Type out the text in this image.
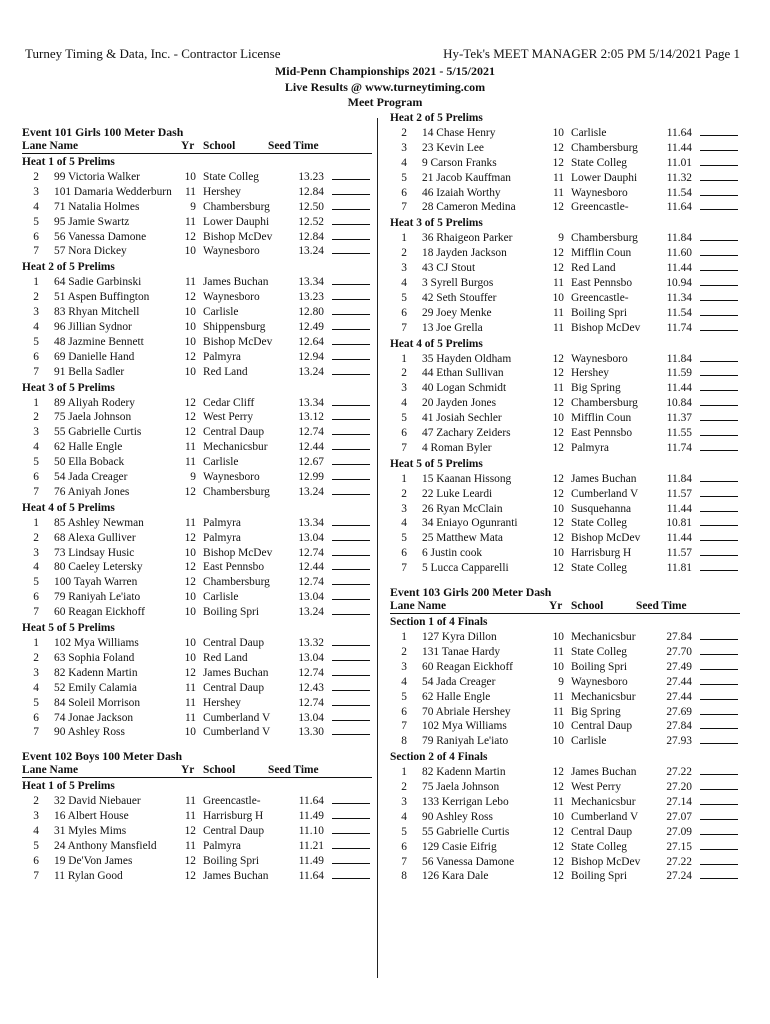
Turney Timing & Data, Inc. - Contractor License	Hy-Tek's MEET MANAGER 2:05 PM 5/14/2021 Page 1
Mid-Penn Championships 2021 - 5/15/2021
Live Results @ www.turneytiming.com
Meet Program
Event 101 Girls 100 Meter Dash
Lane Name	Yr School	Seed Time
Heat 1 of 5 Prelims
2 99 Victoria Walker	10 State Colleg	13.23
3 101 Damaria Wedderburn	11 Hershey	12.84
4 71 Natalia Holmes	9 Chambersburg	12.50
5 95 Jamie Swartz	11 Lower Dauphi	12.52
6 56 Vanessa Damone	12 Bishop McDev	12.84
7 57 Nora Dickey	10 Waynesboro	13.24
Heat 2 of 5 Prelims
1 64 Sadie Garbinski	11 James Buchan	13.34
2 51 Aspen Buffington	12 Waynesboro	13.23
3 83 Rhyan Mitchell	10 Carlisle	12.80
4 96 Jillian Sydnor	10 Shippensburg	12.49
5 48 Jazmine Bennett	10 Bishop McDev	12.64
6 69 Danielle Hand	12 Palmyra	12.94
7 91 Bella Sadler	10 Red Land	13.24
Heat 3 of 5 Prelims
1 89 Aliyah Rodery	12 Cedar Cliff	13.34
2 75 Jaela Johnson	12 West Perry	13.12
3 55 Gabrielle Curtis	12 Central Daup	12.74
4 62 Halle Engle	11 Mechanicsbur	12.44
5 50 Ella Boback	11 Carlisle	12.67
6 54 Jada Creager	9 Waynesboro	12.99
7 76 Aniyah Jones	12 Chambersburg	13.24
Heat 4 of 5 Prelims
1 85 Ashley Newman	11 Palmyra	13.34
2 68 Alexa Gulliver	12 Palmyra	13.04
3 73 Lindsay Husic	10 Bishop McDev	12.74
4 80 Caeley Letersky	12 East Pennsbo	12.44
5 100 Tayah Warren	12 Chambersburg	12.74
6 79 Raniyah Le'iato	10 Carlisle	13.04
7 60 Reagan Eickhoff	10 Boiling Spri	13.24
Heat 5 of 5 Prelims
1 102 Mya Williams	10 Central Daup	13.32
2 63 Sophia Foland	10 Red Land	13.04
3 82 Kadenn Martin	12 James Buchan	12.74
4 52 Emily Calamia	11 Central Daup	12.43
5 84 Soleil Morrison	11 Hershey	12.74
6 74 Jonae Jackson	11 Cumberland V	13.04
7 90 Ashley Ross	10 Cumberland V	13.30
Event 102 Boys 100 Meter Dash
Lane Name	Yr School	Seed Time
Heat 1 of 5 Prelims
2 32 David Niebauer	11 Greencastle-	11.64
3 16 Albert House	11 Harrisburg H	11.49
4 31 Myles Mims	12 Central Daup	11.10
5 24 Anthony Mansfield	11 Palmyra	11.21
6 19 De'Von James	12 Boiling Spri	11.49
7 11 Rylan Good	12 James Buchan	11.64
Heat 2 of 5 Prelims
2 14 Chase Henry	10 Carlisle	11.64
3 23 Kevin Lee	12 Chambersburg	11.44
4 9 Carson Franks	12 State Colleg	11.01
5 21 Jacob Kauffman	11 Lower Dauphi	11.32
6 46 Izaiah Worthy	11 Waynesboro	11.54
7 28 Cameron Medina	12 Greencastle-	11.64
Heat 3 of 5 Prelims
1 36 Rhaigeon Parker	9 Chambersburg	11.84
2 18 Jayden Jackson	12 Mifflin Coun	11.60
3 43 CJ Stout	12 Red Land	11.44
4 3 Syrell Burgos	11 East Pennsbo	10.94
5 42 Seth Stouffer	10 Greencastle-	11.34
6 29 Joey Menke	11 Boiling Spri	11.54
7 13 Joe Grella	11 Bishop McDev	11.74
Heat 4 of 5 Prelims
1 35 Hayden Oldham	12 Waynesboro	11.84
2 44 Ethan Sullivan	12 Hershey	11.59
3 40 Logan Schmidt	11 Big Spring	11.44
4 20 Jayden Jones	12 Chambersburg	10.84
5 41 Josiah Sechler	10 Mifflin Coun	11.37
6 47 Zachary Zeiders	12 East Pennsbo	11.55
7 4 Roman Byler	12 Palmyra	11.74
Heat 5 of 5 Prelims
1 15 Kaanan Hissong	12 James Buchan	11.84
2 22 Luke Leardi	12 Cumberland V	11.57
3 26 Ryan McClain	10 Susquehanna	11.44
4 34 Eniayo Ogunranti	12 State Colleg	10.81
5 25 Matthew Mata	12 Bishop McDev	11.44
6 6 Justin cook	10 Harrisburg H	11.57
7 5 Lucca Capparelli	12 State Colleg	11.81
Event 103 Girls 200 Meter Dash
Lane Name	Yr School	Seed Time
Section 1 of 4 Finals
1 127 Kyra Dillon	10 Mechanicsbur	27.84
2 131 Tanae Hardy	11 State Colleg	27.70
3 60 Reagan Eickhoff	10 Boiling Spri	27.49
4 54 Jada Creager	9 Waynesboro	27.44
5 62 Halle Engle	11 Mechanicsbur	27.44
6 70 Abriale Hershey	11 Big Spring	27.69
7 102 Mya Williams	10 Central Daup	27.84
8 79 Raniyah Le'iato	10 Carlisle	27.93
Section 2 of 4 Finals
1 82 Kadenn Martin	12 James Buchan	27.22
2 75 Jaela Johnson	12 West Perry	27.20
3 133 Kerrigan Lebo	11 Mechanicsbur	27.14
4 90 Ashley Ross	10 Cumberland V	27.07
5 55 Gabrielle Curtis	12 Central Daup	27.09
6 129 Casie Eifrig	12 State Colleg	27.15
7 56 Vanessa Damone	12 Bishop McDev	27.22
8 126 Kara Dale	12 Boiling Spri	27.24
